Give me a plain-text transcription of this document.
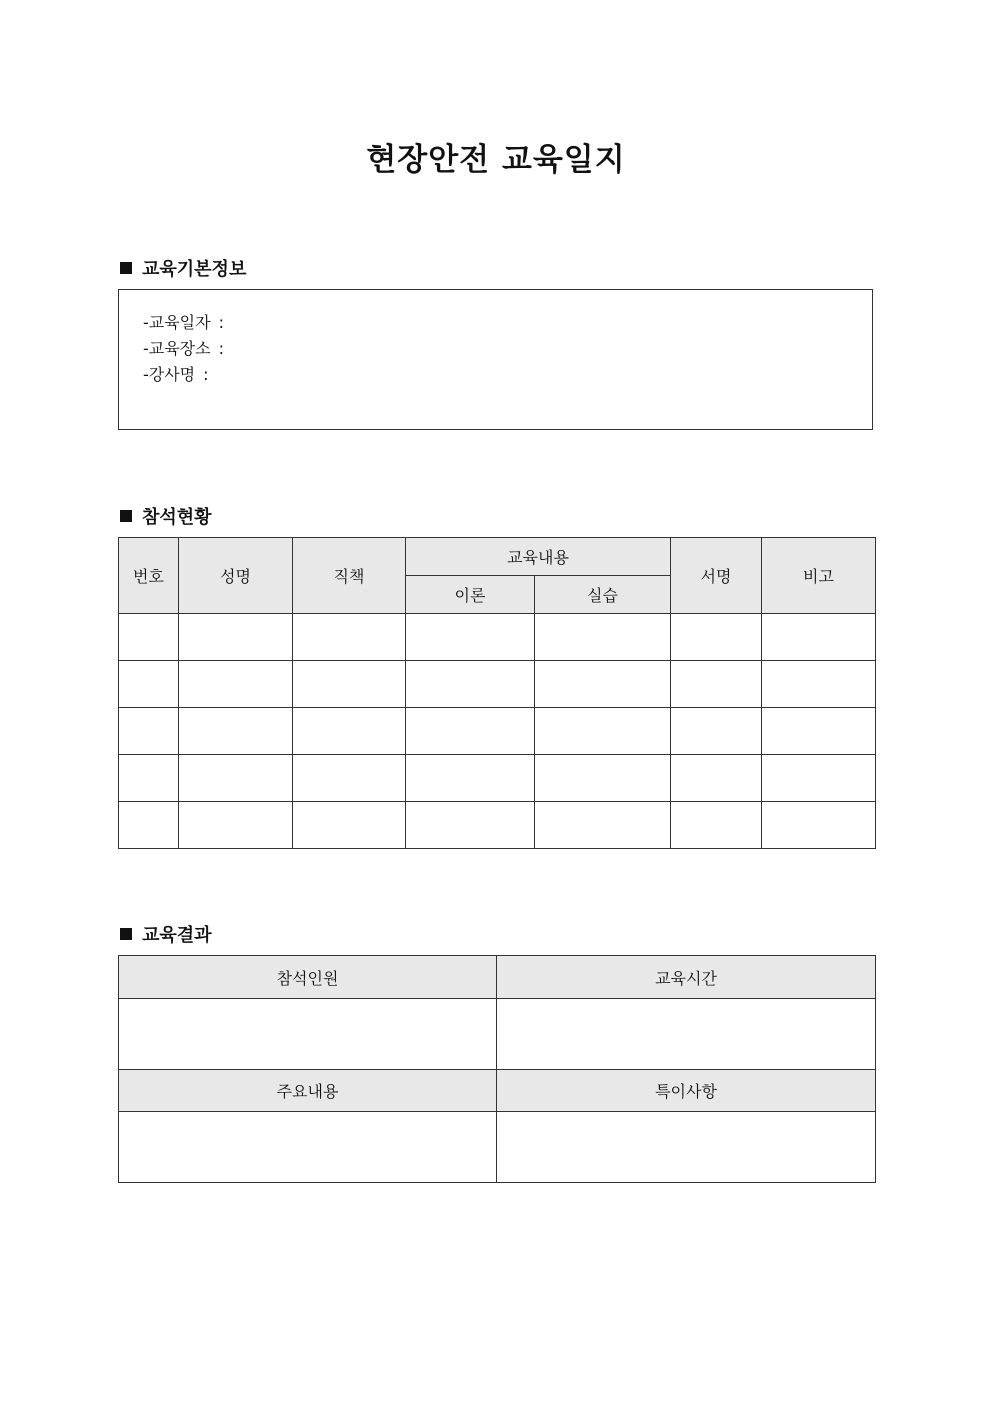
현장안전 교육일지
교육기본정보
-교육일자 :
-교육장소 :
-강사명 :
참석현황
번호	성명	직책	교육내용		서명	비고
			이론	실습		

교육결과
참석인원	교육시간

주요내용	특이사항
